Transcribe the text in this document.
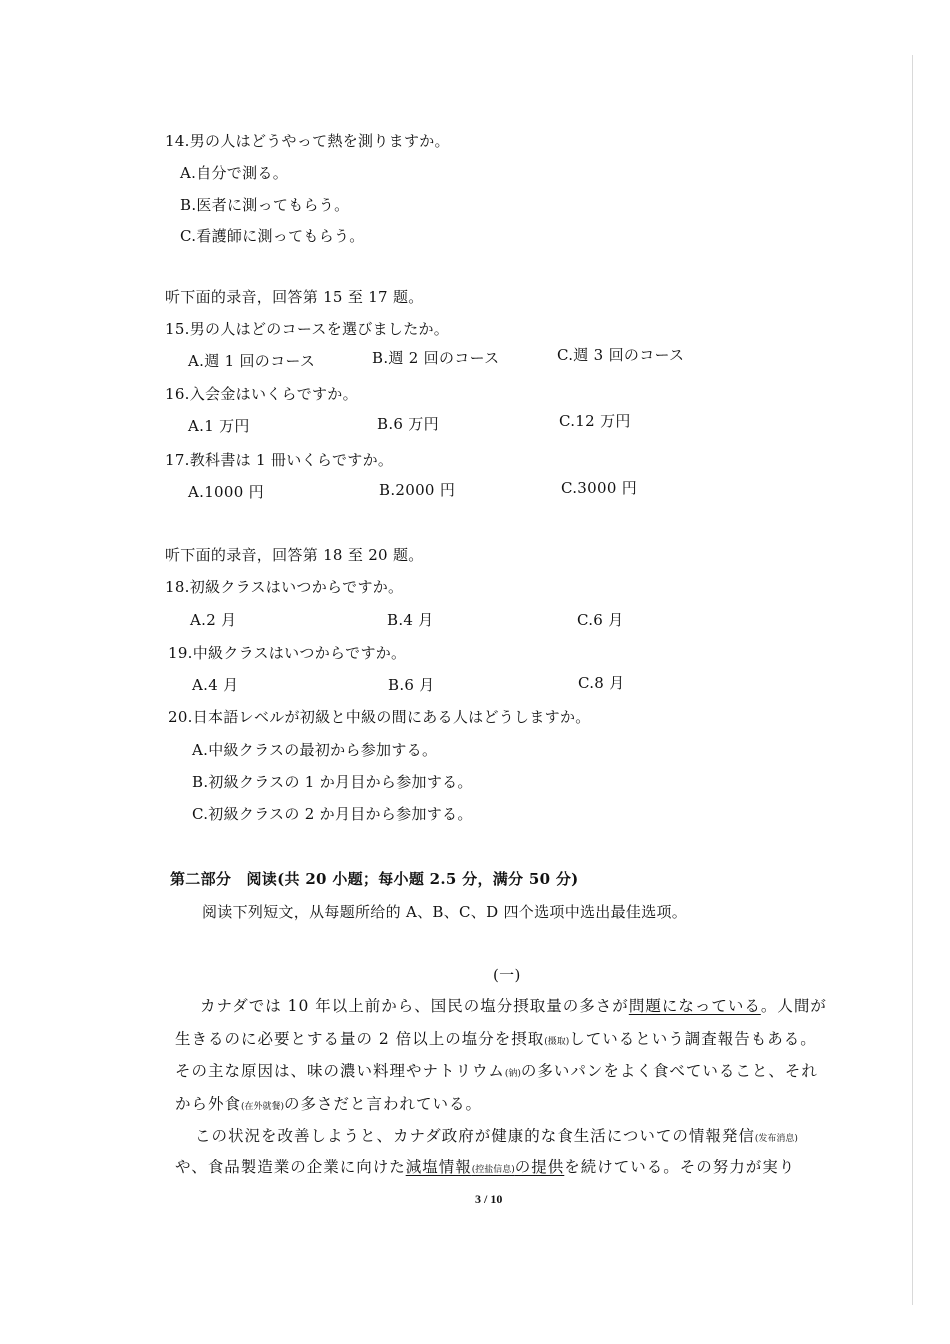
14.男の人はどうやって熱を測りますか。
A.自分で測る。
B.医者に測ってもらう。
C.看護師に測ってもらう。
听下面的录音，回答第 15 至 17 题。
15.男の人はどのコースを選びましたか。
A.週 1 回のコース	B.週 2 回のコース	C.週 3 回のコース
16.入会金はいくらですか。
A.1 万円	B.6 万円	C.12 万円
17.教科書は 1 冊いくらですか。
A.1000 円	B.2000 円	C.3000 円
听下面的录音，回答第 18 至 20 题。
18.初級クラスはいつからですか。
A.2 月	B.4 月	C.6 月
19.中級クラスはいつからですか。
A.4 月	B.6 月	C.8 月
20.日本語レベルが初級と中級の間にある人はどうしますか。
A.中級クラスの最初から参加する。
B.初級クラスの 1 か月目から参加する。
C.初級クラスの 2 か月目から参加する。
第二部分　阅读(共 20 小题；每小题 2.5 分，满分 50 分)
阅读下列短文，从每题所给的 A、B、C、D 四个选项中选出最佳选项。
(一)
カナダでは 10 年以上前から、国民の塩分摂取量の多さが問題になっている。人間が
生きるのに必要とする量の 2 倍以上の塩分を摂取(摄取)しているという調査報告もある。
その主な原因は、味の濃い料理やナトリウム(钠)の多いパンをよく食べていること、それ
から外食(在外就餐)の多さだと言われている。
この状況を改善しようと、カナダ政府が健康的な食生活についての情報発信(发布消息)
や、食品製造業の企業に向けた減塩情報(控盐信息)の提供を続けている。その努力が実り
3 / 10
